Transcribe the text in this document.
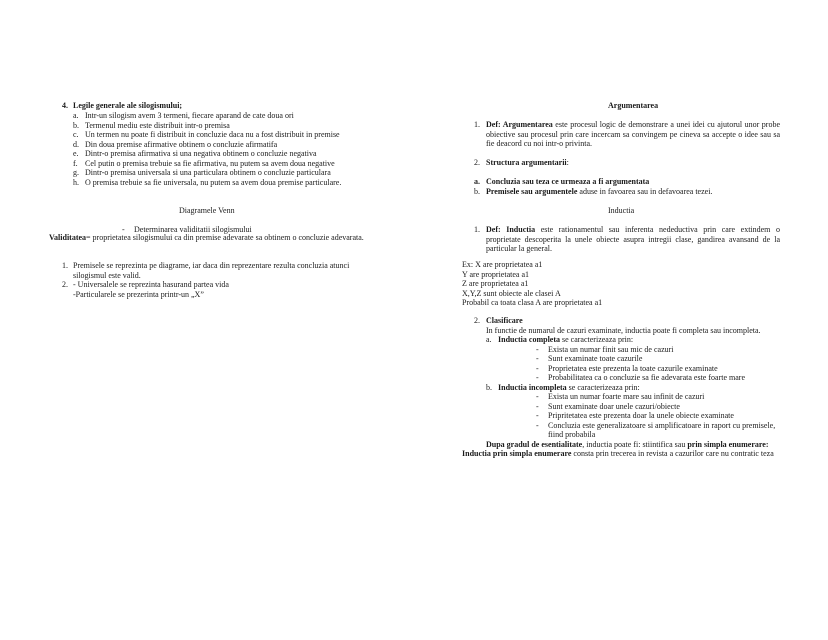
4. Legile generale ale silogismului;
a. Intr-un silogism avem 3 termeni, fiecare aparand de cate doua ori
b. Termenul mediu este distribuit intr-o premisa
c. Un termen nu poate fi distribuit in concluzie daca nu a fost distribuit in premise
d. Din doua premise afirmative obtinem o concluzie afirmatifa
e. Dintr-o premisa afirmativa si una negativa obtinem o concluzie negativa
f. Cel putin o premisa trebuie sa fie afirmativa, nu putem sa avem doua negative
g. Dintr-o premisa universala si una particulara obtinem o concluzie particulara
h. O premisa trebuie sa fie universala, nu putem sa avem doua premise particulare.
Diagramele Venn
- Determinarea validitatii silogismului
Validitatea= proprietatea silogismului ca din premise adevarate sa obtinem o concluzie adevarata.
1. Premisele se reprezinta pe diagrame, iar daca din reprezentare rezulta concluzia atunci silogismul este valid.
2. - Universalele se reprezinta hasurand partea vida
-Particularele se prezerinta printr-un „X”
Argumentarea
1. Def: Argumentarea este procesul logic de demonstrare a unei idei cu ajutorul unor probe obiective sau procesul prin care incercam sa convingem pe cineva sa accepte o idee sau sa fie deacord cu noi intr-o privinta.
2. Structura argumentarii:
a. Concluzia sau teza ce urmeaza a fi argumentata
b. Premisele sau argumentele aduse in favoarea sau in defavoarea tezei.
Inductia
1. Def: Inductia este rationamentul sau inferenta nedeductiva prin care extindem o proprietate descoperita la unele obiecte asupra intregii clase, gandirea avansand de la particular la general.
Ex: X are proprietatea a1
Y are proprietatea a1
Z are proprietatea a1
X,Y,Z sunt obiecte ale clasei A
Probabil ca toata clasa A are proprietatea a1
2. Clasificare
In functie de numarul de cazuri examinate, inductia poate fi completa sau incompleta.
a. Inductia completa se caracterizeaza prin:
- Exista un numar finit sau mic de cazuri
- Sunt examinate toate cazurile
- Proprietatea este prezenta la toate cazurile examinate
- Probabilitatea ca o concluzie sa fie adevarata este foarte mare
b. Inductia incompleta se caracterizeaza prin:
- Exista un numar foarte mare sau infinit de cazuri
- Sunt examinate doar unele cazuri/obiecte
- Pripritetatea este prezenta doar la unele obiecte examinate
- Concluzia este generalizatoare si amplificatoare in raport cu premisele, fiind probabila
Dupa gradul de esentialitate, inductia poate fi: stiintifica sau prin simpla enumerare:
Inductia prin simpla enumerare consta prin trecerea in revista a cazurilor care nu contratic teza
